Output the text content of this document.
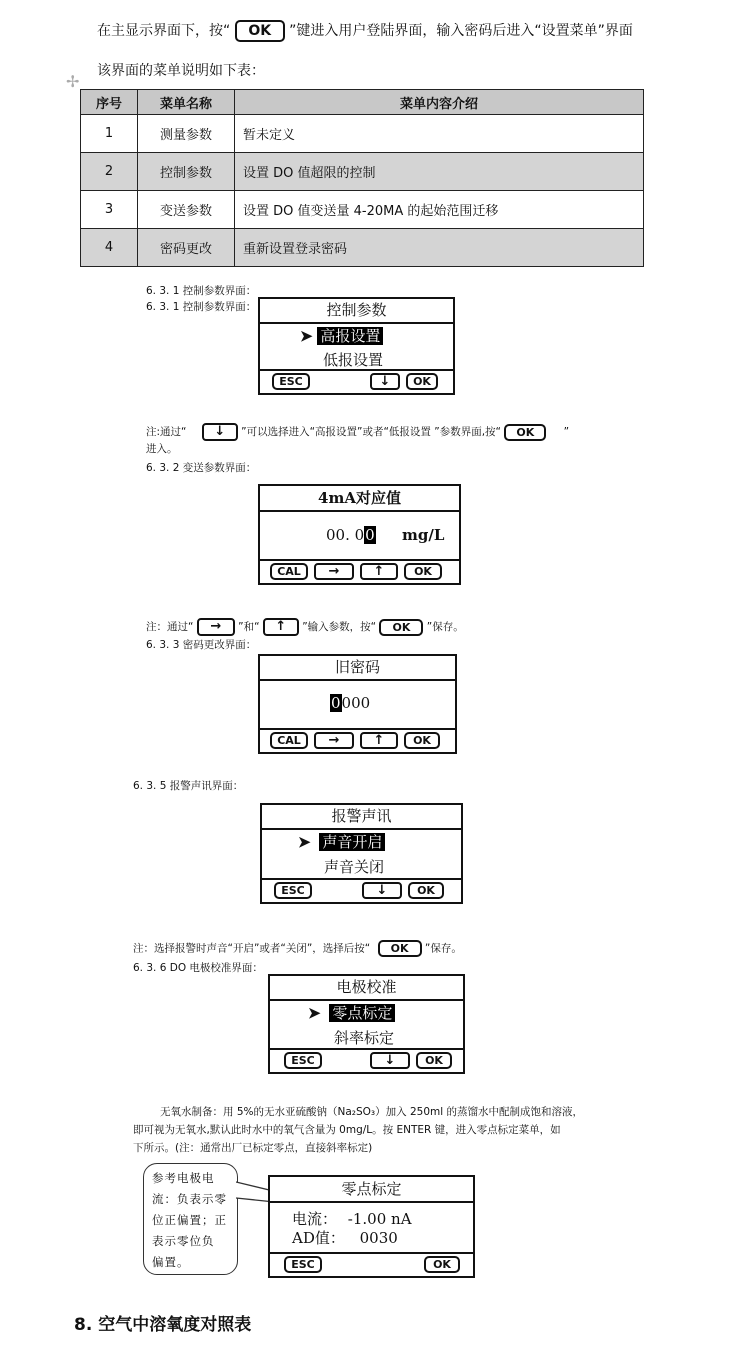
在主显示界面下，按“ OK ”键进入用户登陆界面，输入密码后进入“设置菜单”界面
该界面的菜单说明如下表：
✢
序号	菜单名称	菜单内容介绍
1	测量参数	暂未定义
2	控制参数	设置 DO 值超限的控制
3	变送参数	设置 DO 值变送量 4-20MA 的起始范围迁移
4	密码更改	重新设置登录密码
6. 3. 1 控制参数界面：
6. 3. 1 控制参数界面：	控制参数
➤ 高报设置
低报设置
ESC	↓	OK
注:通过“ ↓ ”可以选择进入“高报设置”或者“低报设置 ”参数界面,按“ OK	”
进入。
6. 3. 2 变送参数界面：
4mA对应值
00. 00 mg/L
CAL	→	↑	OK
注：通过“ → ”和“ ↑ ”输入参数，按“ OK ”保存。
6. 3. 3 密码更改界面：
旧密码
0000
CAL	→	↑	OK
6. 3. 5 报警声讯界面：
报警声讯
➤ 声音开启
声音关闭
ESC	↓	OK
注：选择报警时声音“开启”或者“关闭”，选择后按“ OK ”保存。
6. 3. 6 DO 电极校准界面：
电极校准
➤ 零点标定
斜率标定
ESC	↓	OK
无氧水制备：用 5%的无水亚硫酸钠（Na₂SO₃）加入 250ml 的蒸馏水中配制成饱和溶液，
即可视为无氧水,默认此时水中的氧气含量为 0mg/L。按 ENTER 键，进入零点标定菜单，如
下所示。(注：通常出厂已标定零点，直接斜率标定)
参考电极电
流：负表示零
位正偏置；正
表示零位负
偏置。
零点标定
电流： -1.00 nA
AD值： 0030
ESC	OK
8. 空气中溶氧度对照表
